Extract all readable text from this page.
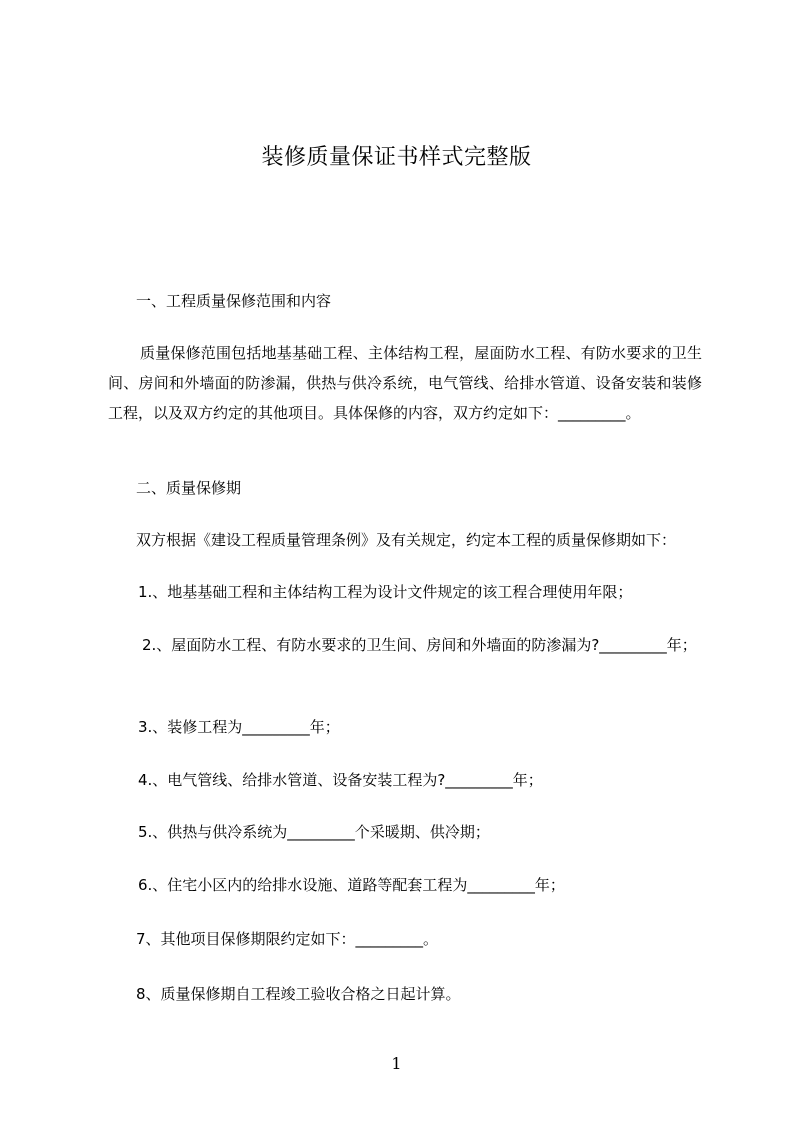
装修质量保证书样式完整版
一、工程质量保修范围和内容
质量保修范围包括地基基础工程、主体结构工程，屋面防水工程、有防水要求的卫生间、房间和外墙面的防渗漏，供热与供冷系统，电气管线、给排水管道、设备安装和装修工程，以及双方约定的其他项目。具体保修的内容，双方约定如下：_________。
二、质量保修期
双方根据《建设工程质量管理条例》及有关规定，约定本工程的质量保修期如下：
1.、地基基础工程和主体结构工程为设计文件规定的该工程合理使用年限；
2.、屋面防水工程、有防水要求的卫生间、房间和外墙面的防渗漏为?_________年；
3.、装修工程为_________年；
4.、电气管线、给排水管道、设备安装工程为?_________年；
5.、供热与供冷系统为_________个采暖期、供冷期；
6.、住宅小区内的给排水设施、道路等配套工程为_________年；
7、其他项目保修期限约定如下：_________。
8、质量保修期自工程竣工验收合格之日起计算。
1
